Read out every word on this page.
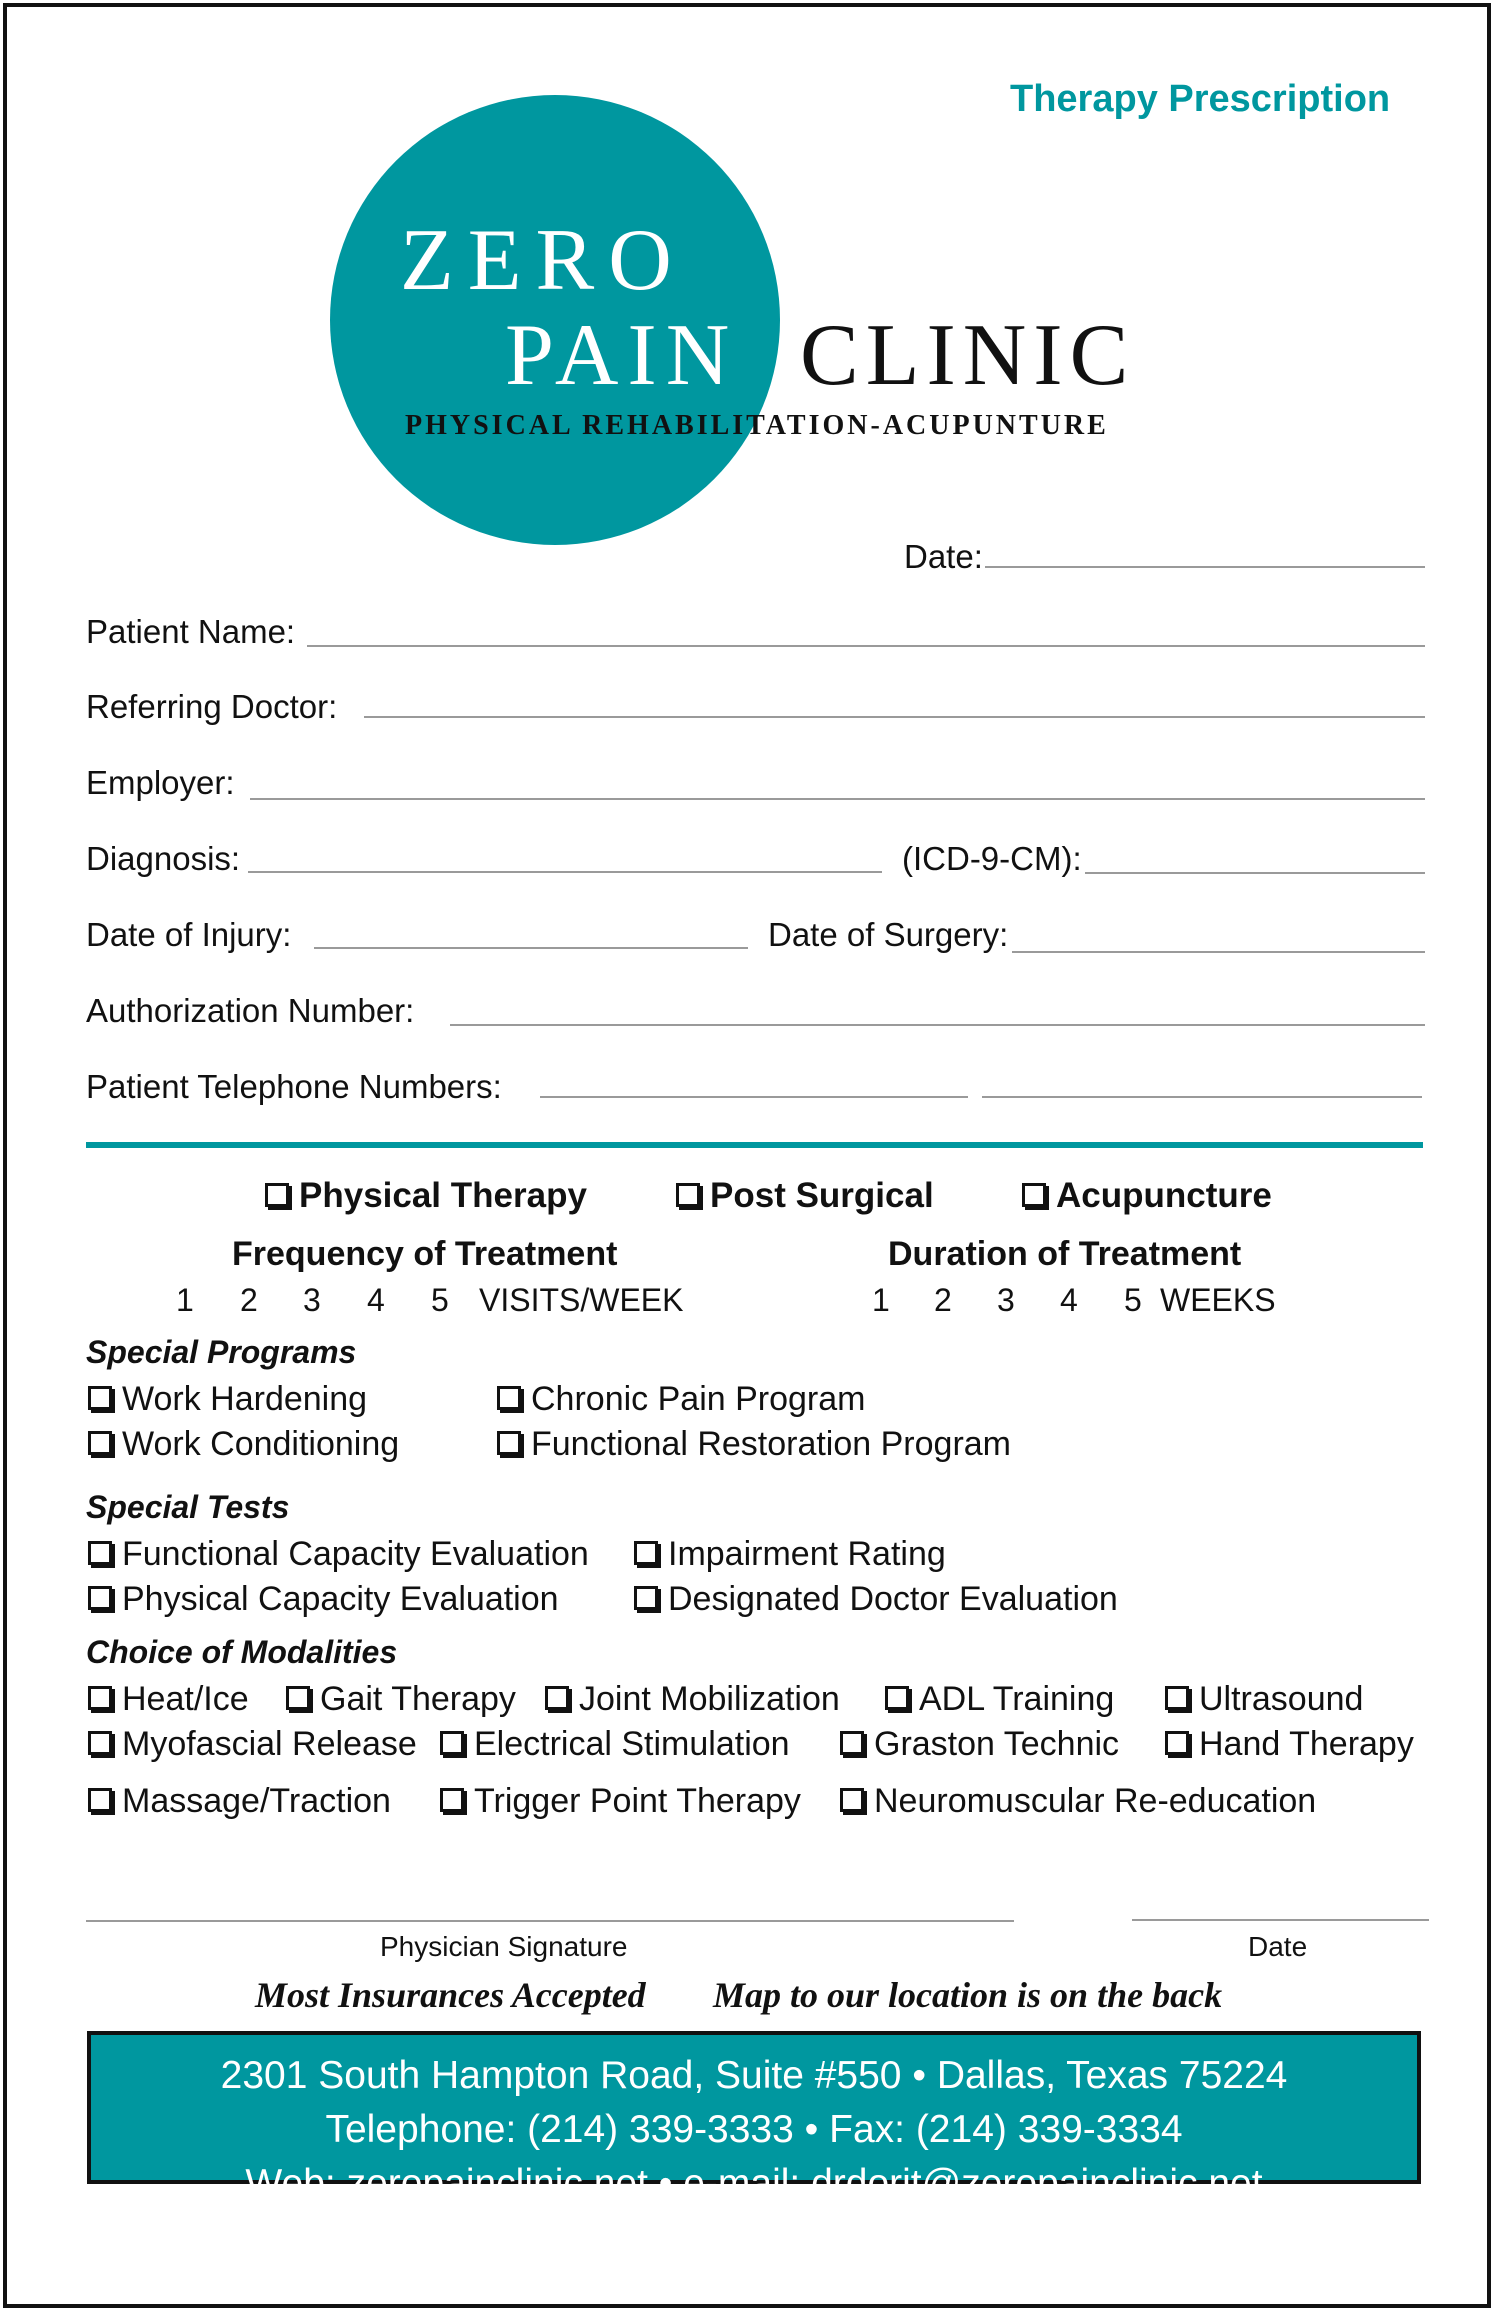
Therapy Prescription
ZERO
PAIN CLINIC
PHYSICAL REHABILITATION-ACUPUNTURE
Date:
Patient Name:
Referring Doctor:
Employer:
Diagnosis:	(ICD-9-CM):
Date of Injury:	Date of Surgery:
Authorization Number:
Patient Telephone Numbers:
Physical Therapy	Post Surgical	Acupuncture
Frequency of Treatment	Duration of Treatment
1 2 3 4 5 VISITS/WEEK	1 2 3 4 5 WEEKS
Special Programs
Work Hardening	Chronic Pain Program
Work Conditioning	Functional Restoration Program
Special Tests
Functional Capacity Evaluation	Impairment Rating
Physical Capacity Evaluation	Designated Doctor Evaluation
Choice of Modalities
Heat/Ice	Gait Therapy	Joint Mobilization	ADL Training	Ultrasound
Myofascial Release	Electrical Stimulation	Graston Technic	Hand Therapy
Massage/Traction	Trigger Point Therapy	Neuromuscular Re-education
Physician Signature	Date
Most Insurances Accepted Map to our location is on the back
2301 South Hampton Road, Suite #550 • Dallas, Texas 75224
Telephone: (214) 339-3333 • Fax: (214) 339-3334
Web: zeropainclinic.net • e-mail: drdorit@zeropainclinic.net
